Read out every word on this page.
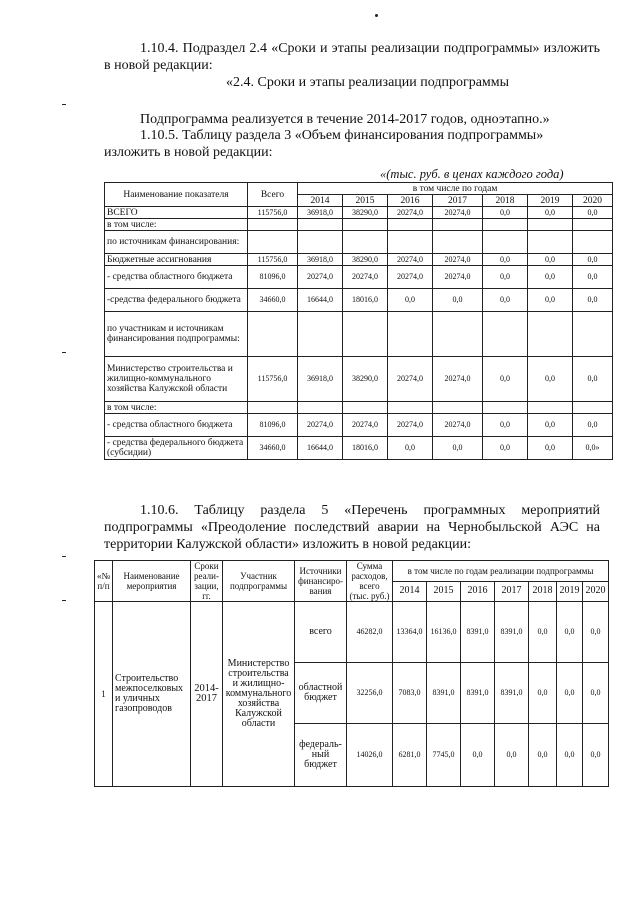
1.10.4. Подраздел 2.4 «Сроки и этапы реализации подпрограммы» изложить в новой редакции:
«2.4. Сроки и этапы реализации подпрограммы
Подпрограмма реализуется в течение 2014-2017 годов, одноэтапно.»
1.10.5. Таблицу раздела 3 «Объем финансирования подпрограммы» изложить в новой редакции:
«(тыс. руб. в ценах каждого года)
Наименование показателя	Всего	в том числе по годам						
		2014	2015	2016	2017	2018	2019	2020
ВСЕГО	115756,0	36918,0	38290,0	20274,0	20274,0	0,0	0,0	0,0
в том числе:								
по источникам финансирования:								
Бюджетные ассигнования	115756,0	36918,0	38290,0	20274,0	20274,0	0,0	0,0	0,0
- средства областного бюджета	81096,0	20274,0	20274,0	20274,0	20274,0	0,0	0,0	0,0
-средства федерального бюджета	34660,0	16644,0	18016,0	0,0	0,0	0,0	0,0	0,0
по участникам и источникам финансирования подпрограммы:								
Министерство строительства и жилищно-коммунального хозяйства Калужской области	115756,0	36918,0	38290,0	20274,0	20274,0	0,0	0,0	0,0
в том числе:								
- средства областного бюджета	81096,0	20274,0	20274,0	20274,0	20274,0	0,0	0,0	0,0
- средства федерального бюджета (субсидии)	34660,0	16644,0	18016,0	0,0	0,0	0,0	0,0	0,0»
1.10.6. Таблицу раздела 5 «Перечень программных мероприятий подпрограммы «Преодоление последствий аварии на Чернобыльской АЭС на территории Калужской области» изложить в новой редакции:
«№ п/п	Наименование мероприятия	Сроки реали-зации, гг.	Участник подпрограммы	Источники финансиро-вания	Сумма расходов, всего (тыс. руб.)	в том числе по годам реализации подпрограммы						
						2014	2015	2016	2017	2018	2019	2020
1	Строительство межпоселковых и уличных газопроводов	2014-2017	Министерство строительства и жилищно-коммунального хозяйства Калужской области	всего	46282,0	13364,0	16136,0	8391,0	8391,0	0,0	0,0	0,0
				областной бюджет	32256,0	7083,0	8391,0	8391,0	8391,0	0,0	0,0	0,0
				федераль-ный бюджет	14026,0	6281,0	7745,0	0,0	0,0	0,0	0,0	0,0
